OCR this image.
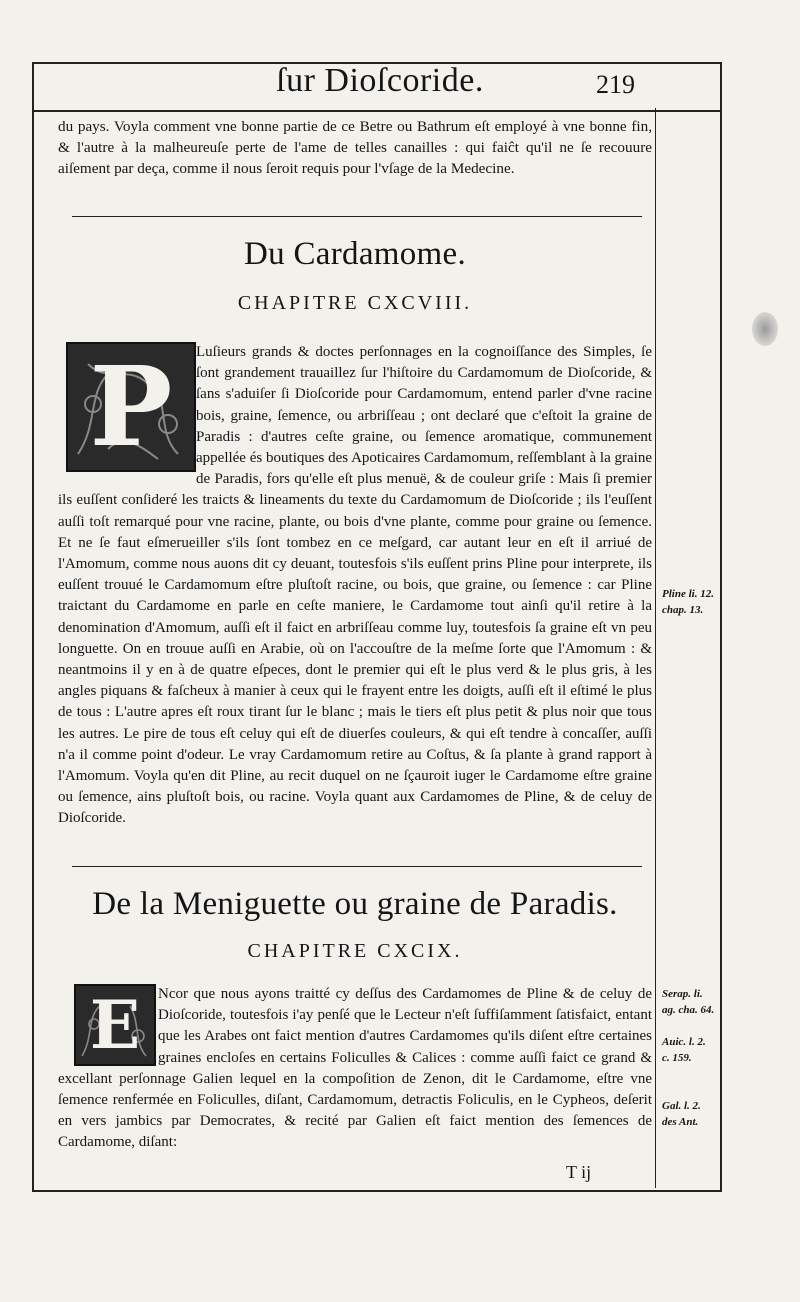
ſur Dioſcoride.	219
du pays. Voyla comment vne bonne partie de ce Betre ou Bathrum eſt employé à vne bonne fin, & l'autre à la malheureuſe perte de l'ame de telles canailles : qui faiĉt qu'il ne ſe recouure aiſement par deça, comme il nous ſeroit requis pour l'vſage de la Medecine.
Du Cardamome.
CHAPITRE CXCVIII.
P	Luſieurs grands & doctes perſonnages en la cognoiſſance des Simples, ſe ſont grandement trauaillez ſur l'hiſtoire du Cardamomum de Dioſcoride, & ſans s'aduiſer ſi Dioſcoride pour Cardamomum, entend parler d'vne racine bois, graine, ſemence, ou arbriſſeau ; ont declaré que c'eſtoit la graine de Paradis : d'autres ceſte graine, ou ſemence aromatique, communement appellée és boutiques des Apoticaires Cardamomum, reſſemblant à la graine de Paradis, fors qu'elle eſt plus menuë, & de couleur griſe : Mais ſi premier ils euſſent conſideré les traicts & lineaments du texte du Cardamomum de Dioſcoride ; ils l'euſſent auſſi toſt remarqué pour vne racine, plante, ou bois d'vne plante, comme pour graine ou ſemence. Et ne ſe faut eſmerueiller s'ils ſont tombez en ce meſgard, car autant leur en eſt il arriué de l'Amomum, comme nous auons dit cy deuant, toutesfois s'ils euſſent prins Pline pour interprete, ils euſſent trouué le Cardamomum eſtre pluſtoſt racine, ou bois, que graine, ou ſemence : car Pline traictant du Cardamome en parle en ceſte maniere, le Cardamome tout ainſi qu'il retire à la denomination d'Amomum, auſſi eſt il faict en arbriſſeau comme luy, toutesfois ſa graine eſt vn peu longuette. On en trouue auſſi en Arabie, où on l'accouſtre de la meſme ſorte que l'Amomum : & neantmoins il y en à de quatre eſpeces, dont le premier qui eſt le plus verd & le plus gris, à les angles piquans & faſcheux à manier à ceux qui le frayent entre les doigts, auſſi eſt il eſtimé le plus de tous : L'autre apres eſt roux tirant ſur le blanc ; mais le tiers eſt plus petit & plus noir que tous les autres. Le pire de tous eſt celuy qui eſt de diuerſes couleurs, & qui eſt tendre à concaſſer, auſſi n'a il comme point d'odeur. Le vray Cardamomum retire au Coſtus, & ſa plante à grand rapport à l'Amomum. Voyla qu'en dit Pline, au recit duquel on ne ſçauroit iuger le Cardamome eſtre graine ou ſemence, ains pluſtoſt bois, ou racine. Voyla quant aux Cardamomes de Pline, & de celuy de Dioſcoride.
Pline li. 12. chap. 13.
De la Meniguette ou graine de Paradis.
CHAPITRE CXCIX.
E	Ncor que nous ayons traitté cy deſſus des Cardamomes de Pline & de celuy de Dioſcoride, toutesfois i'ay penſé que le Lecteur n'eſt ſuffiſamment ſatisfaict, entant que les Arabes ont faict mention d'autres Cardamomes qu'ils diſent eſtre certaines graines encloſes en certains Foliculles & Calices : comme auſſi faict ce grand & excellant perſonnage Galien lequel en la compoſition de Zenon, dit le Cardamome, eſtre vne ſemence renfermée en Foliculles, diſant, Cardamomum, detractis Foliculis, en le Cypheos, deſerit en vers jambics par Democrates, & recité par Galien eſt faict mention des ſemences de Cardamome, diſant:
Serap. li. ag. cha. 64.
Auic. l. 2. c. 159.
Gal. l. 2. des Ant.
T ij
